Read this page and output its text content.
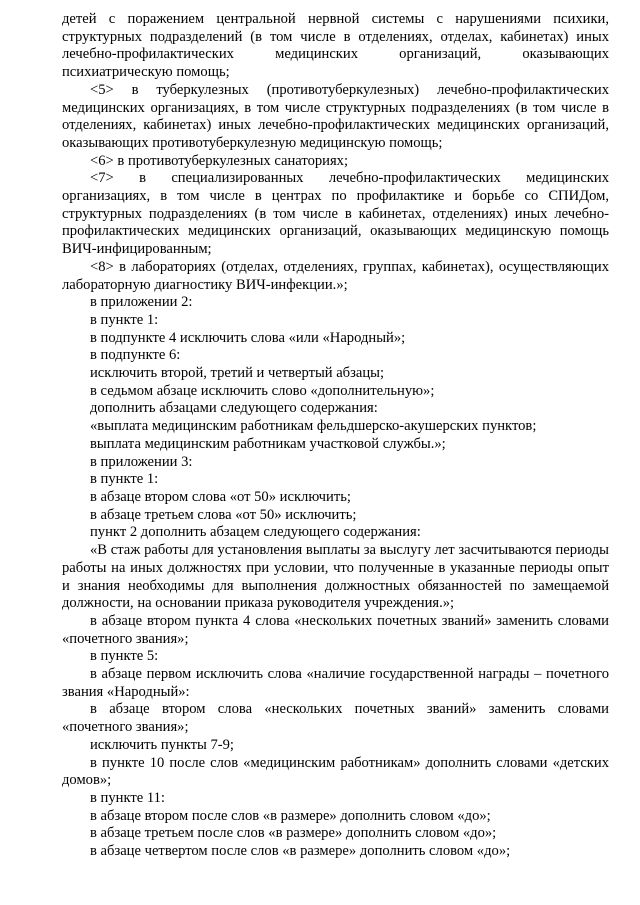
детей с поражением центральной нервной системы с нарушениями психики, структурных подразделений (в том числе в отделениях, отделах, кабинетах) иных лечебно-профилактических медицинских организаций, оказывающих психиатрическую помощь;

<5> в туберкулезных (противотуберкулезных) лечебно-профилактических медицинских организациях, в том числе структурных подразделениях (в том числе в отделениях, кабинетах) иных лечебно-профилактических медицинских организаций, оказывающих противотуберкулезную медицинскую помощь;

<6> в противотуберкулезных санаториях;

<7> в специализированных лечебно-профилактических медицинских организациях, в том числе в центрах по профилактике и борьбе со СПИДом, структурных подразделениях (в том числе в кабинетах, отделениях) иных лечебно-профилактических медицинских организаций, оказывающих медицинскую помощь ВИЧ-инфицированным;

<8> в лабораториях (отделах, отделениях, группах, кабинетах), осуществляющих лабораторную диагностику ВИЧ-инфекции.»;

в приложении 2:

в пункте 1:

в подпункте 4 исключить слова «или «Народный»;

в подпункте 6:

исключить второй, третий и четвертый абзацы;

в седьмом абзаце исключить слово «дополнительную»;

дополнить абзацами следующего содержания:

«выплата медицинским работникам фельдшерско-акушерских пунктов;

выплата медицинским работникам участковой службы.»;

в приложении 3:

в пункте 1:

в абзаце втором слова «от 50» исключить;

в абзаце третьем слова «от 50» исключить;

пункт 2 дополнить абзацем следующего содержания:

«В стаж работы для установления выплаты за выслугу лет засчитываются периоды работы на иных должностях при условии, что полученные в указанные периоды опыт и знания необходимы для выполнения должностных обязанностей по замещаемой должности, на основании приказа руководителя учреждения.»;

в абзаце втором пункта 4 слова «нескольких почетных званий» заменить словами «почетного звания»;

в пункте 5:

в абзаце первом исключить слова «наличие государственной награды – почетного звания «Народный»:

в абзаце втором слова «нескольких почетных званий» заменить словами «почетного звания»;

исключить пункты 7-9;

в пункте 10 после слов «медицинским работникам» дополнить словами «детских домов»;

в пункте 11:

в абзаце втором после слов «в размере» дополнить словом «до»;

в абзаце третьем после слов «в размере» дополнить словом «до»;

в абзаце четвертом после слов «в размере» дополнить словом «до»;
